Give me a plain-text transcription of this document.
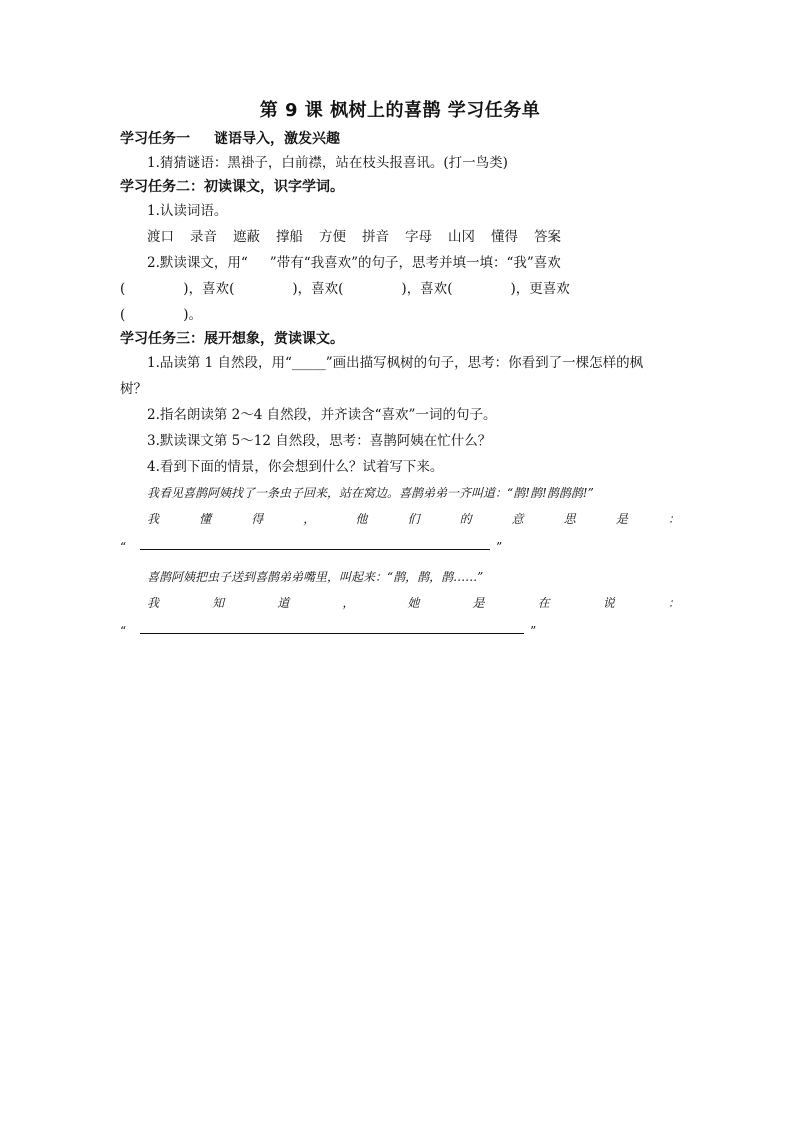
第 9 课 枫树上的喜鹊 学习任务单

学习任务一 谜语导入，激发兴趣

1.猜猜谜语：黑褂子，白前襟，站在枝头报喜讯。(打一鸟类)

学习任务二：初读课文，识字学词。

1.认读词语。

渡口 录音 遮蔽 撑船 方便 拼音 字母 山冈 懂得 答案

2.默读课文，用“ ”带有“我喜欢”的句子，思考并填一填：“我”喜欢

(	)，喜欢(	)，喜欢(	)，喜欢(	)，更喜欢

(	)。

学习任务三：展开想象，赏读课文。

1.品读第 1 自然段，用“_____”画出描写枫树的句子，思考：你看到了一棵怎样的枫

树？

2.指名朗读第 2～4 自然段，并齐读含“喜欢”一词的句子。

3.默读课文第 5～12 自然段，思考：喜鹊阿姨在忙什么？

4.看到下面的情景，你会想到什么？试着写下来。

我看见喜鹊阿姨找了一条虫子回来，站在窝边。喜鹊弟弟一齐叫道：“鹊!鹊!鹊鹊鹊!”

我	懂	得	，	他	们	的	意	思	是	：
“	”

喜鹊阿姨把虫子送到喜鹊弟弟嘴里，叫起来：“鹊，鹊，鹊……”

我	知	道	，	她	是	在	说	：
“	”
